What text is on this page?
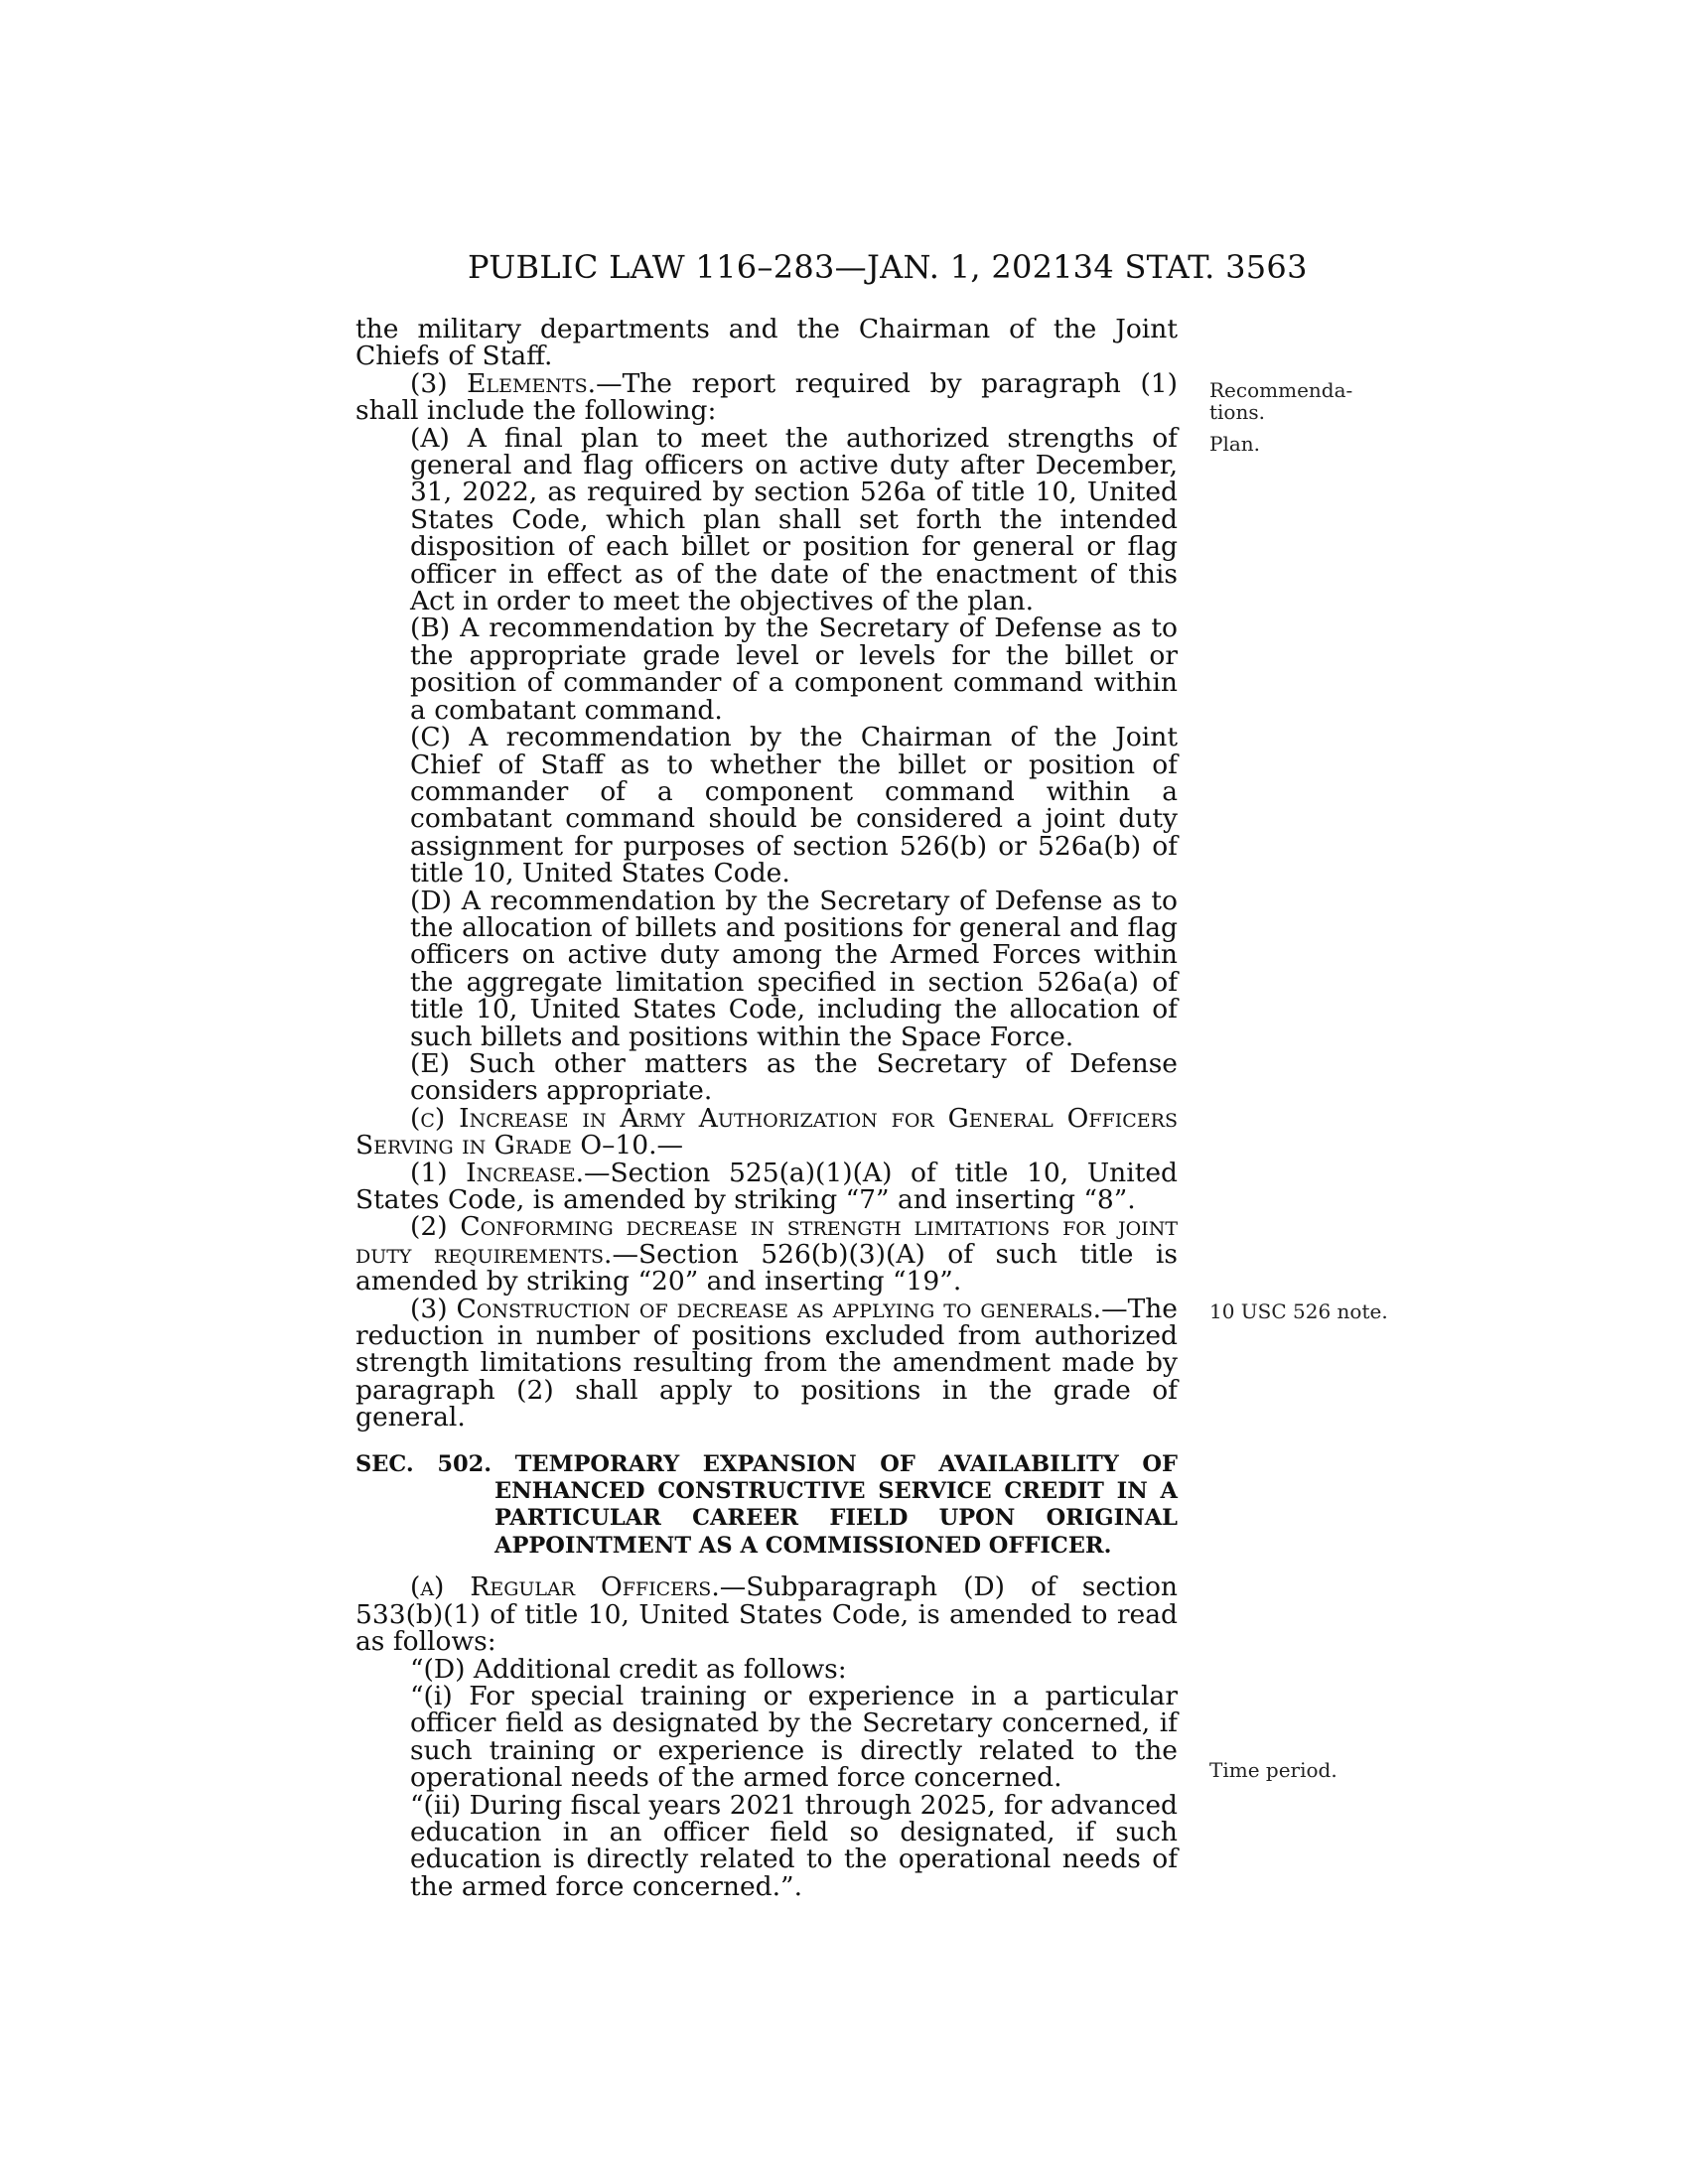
PUBLIC LAW 116–283—JAN. 1, 2021
134 STAT. 3563
the military departments and the Chairman of the Joint Chiefs of Staff.
(3) Elements.—The report required by paragraph (1) shall include the following:
(A) A final plan to meet the authorized strengths of general and flag officers on active duty after December, 31, 2022, as required by section 526a of title 10, United States Code, which plan shall set forth the intended disposition of each billet or position for general or flag officer in effect as of the date of the enactment of this Act in order to meet the objectives of the plan.
(B) A recommendation by the Secretary of Defense as to the appropriate grade level or levels for the billet or position of commander of a component command within a combatant command.
(C) A recommendation by the Chairman of the Joint Chief of Staff as to whether the billet or position of commander of a component command within a combatant command should be considered a joint duty assignment for purposes of section 526(b) or 526a(b) of title 10, United States Code.
(D) A recommendation by the Secretary of Defense as to the allocation of billets and positions for general and flag officers on active duty among the Armed Forces within the aggregate limitation specified in section 526a(a) of title 10, United States Code, including the allocation of such billets and positions within the Space Force.
(E) Such other matters as the Secretary of Defense considers appropriate.
(c) Increase in Army Authorization for General Officers Serving in Grade O–10.—
(1) Increase.—Section 525(a)(1)(A) of title 10, United States Code, is amended by striking “7” and inserting “8”.
(2) Conforming decrease in strength limitations for joint duty requirements.—Section 526(b)(3)(A) of such title is amended by striking “20” and inserting “19”.
(3) Construction of decrease as applying to generals.—The reduction in number of positions excluded from authorized strength limitations resulting from the amendment made by paragraph (2) shall apply to positions in the grade of general.
SEC. 502. TEMPORARY EXPANSION OF AVAILABILITY OF ENHANCED CONSTRUCTIVE SERVICE CREDIT IN A PARTICULAR CAREER FIELD UPON ORIGINAL APPOINTMENT AS A COMMISSIONED OFFICER.
(a) Regular Officers.—Subparagraph (D) of section 533(b)(1) of title 10, United States Code, is amended to read as follows:
“(D) Additional credit as follows:
“(i) For special training or experience in a particular officer field as designated by the Secretary concerned, if such training or experience is directly related to the operational needs of the armed force concerned.
“(ii) During fiscal years 2021 through 2025, for advanced education in an officer field so designated, if such education is directly related to the operational needs of the armed force concerned.”.
Recommenda-tions.
Plan.
10 USC 526 note.
Time period.
